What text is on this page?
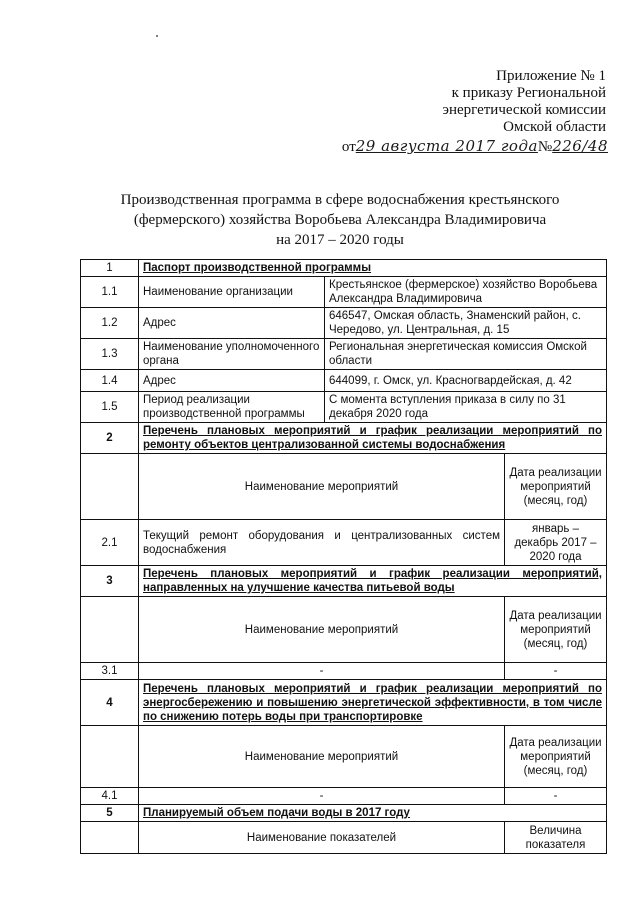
Приложение № 1
к приказу Региональной
энергетической комиссии
Омской области
от29 августа 2017 года№226/48
Производственная программа в сфере водоснабжения крестьянского
(фермерского) хозяйства Воробьева Александра Владимировича
на 2017 – 2020 годы
1	Паспорт производственной программы		
1.1	Наименование организации	Крестьянское (фермерское) хозяйство Воробьева Александра Владимировича	
1.2	Адрес	646547, Омская область, Знаменский район, с. Чередово, ул. Центральная, д. 15	
1.3	Наименование уполномоченного органа	Региональная энергетическая комиссия Омской области	
1.4	Адрес	644099, г. Омск, ул. Красногвардейская, д. 42	
1.5	Период реализации производственной программы	С момента вступления приказа в силу по 31 декабря 2020 года	
2	Перечень плановых мероприятий и график реализации мероприятий по ремонту объектов централизованной системы водоснабжения		
	Наименование мероприятий		Дата реализации мероприятий (месяц, год)
2.1	Текущий ремонт оборудования и централизованных систем водоснабжения		январь – декабрь 2017 – 2020 года
3	Перечень плановых мероприятий и график реализации мероприятий, направленных на улучшение качества питьевой воды		
	Наименование мероприятий		Дата реализации мероприятий (месяц, год)
3.1	-		-
4	Перечень плановых мероприятий и график реализации мероприятий по энергосбережению и повышению энергетической эффективности, в том числе по снижению потерь воды при транспортировке		
	Наименование мероприятий		Дата реализации мероприятий (месяц, год)
4.1	-		-
5	Планируемый объем подачи воды в 2017 году		
	Наименование показателей		Величина показателя
